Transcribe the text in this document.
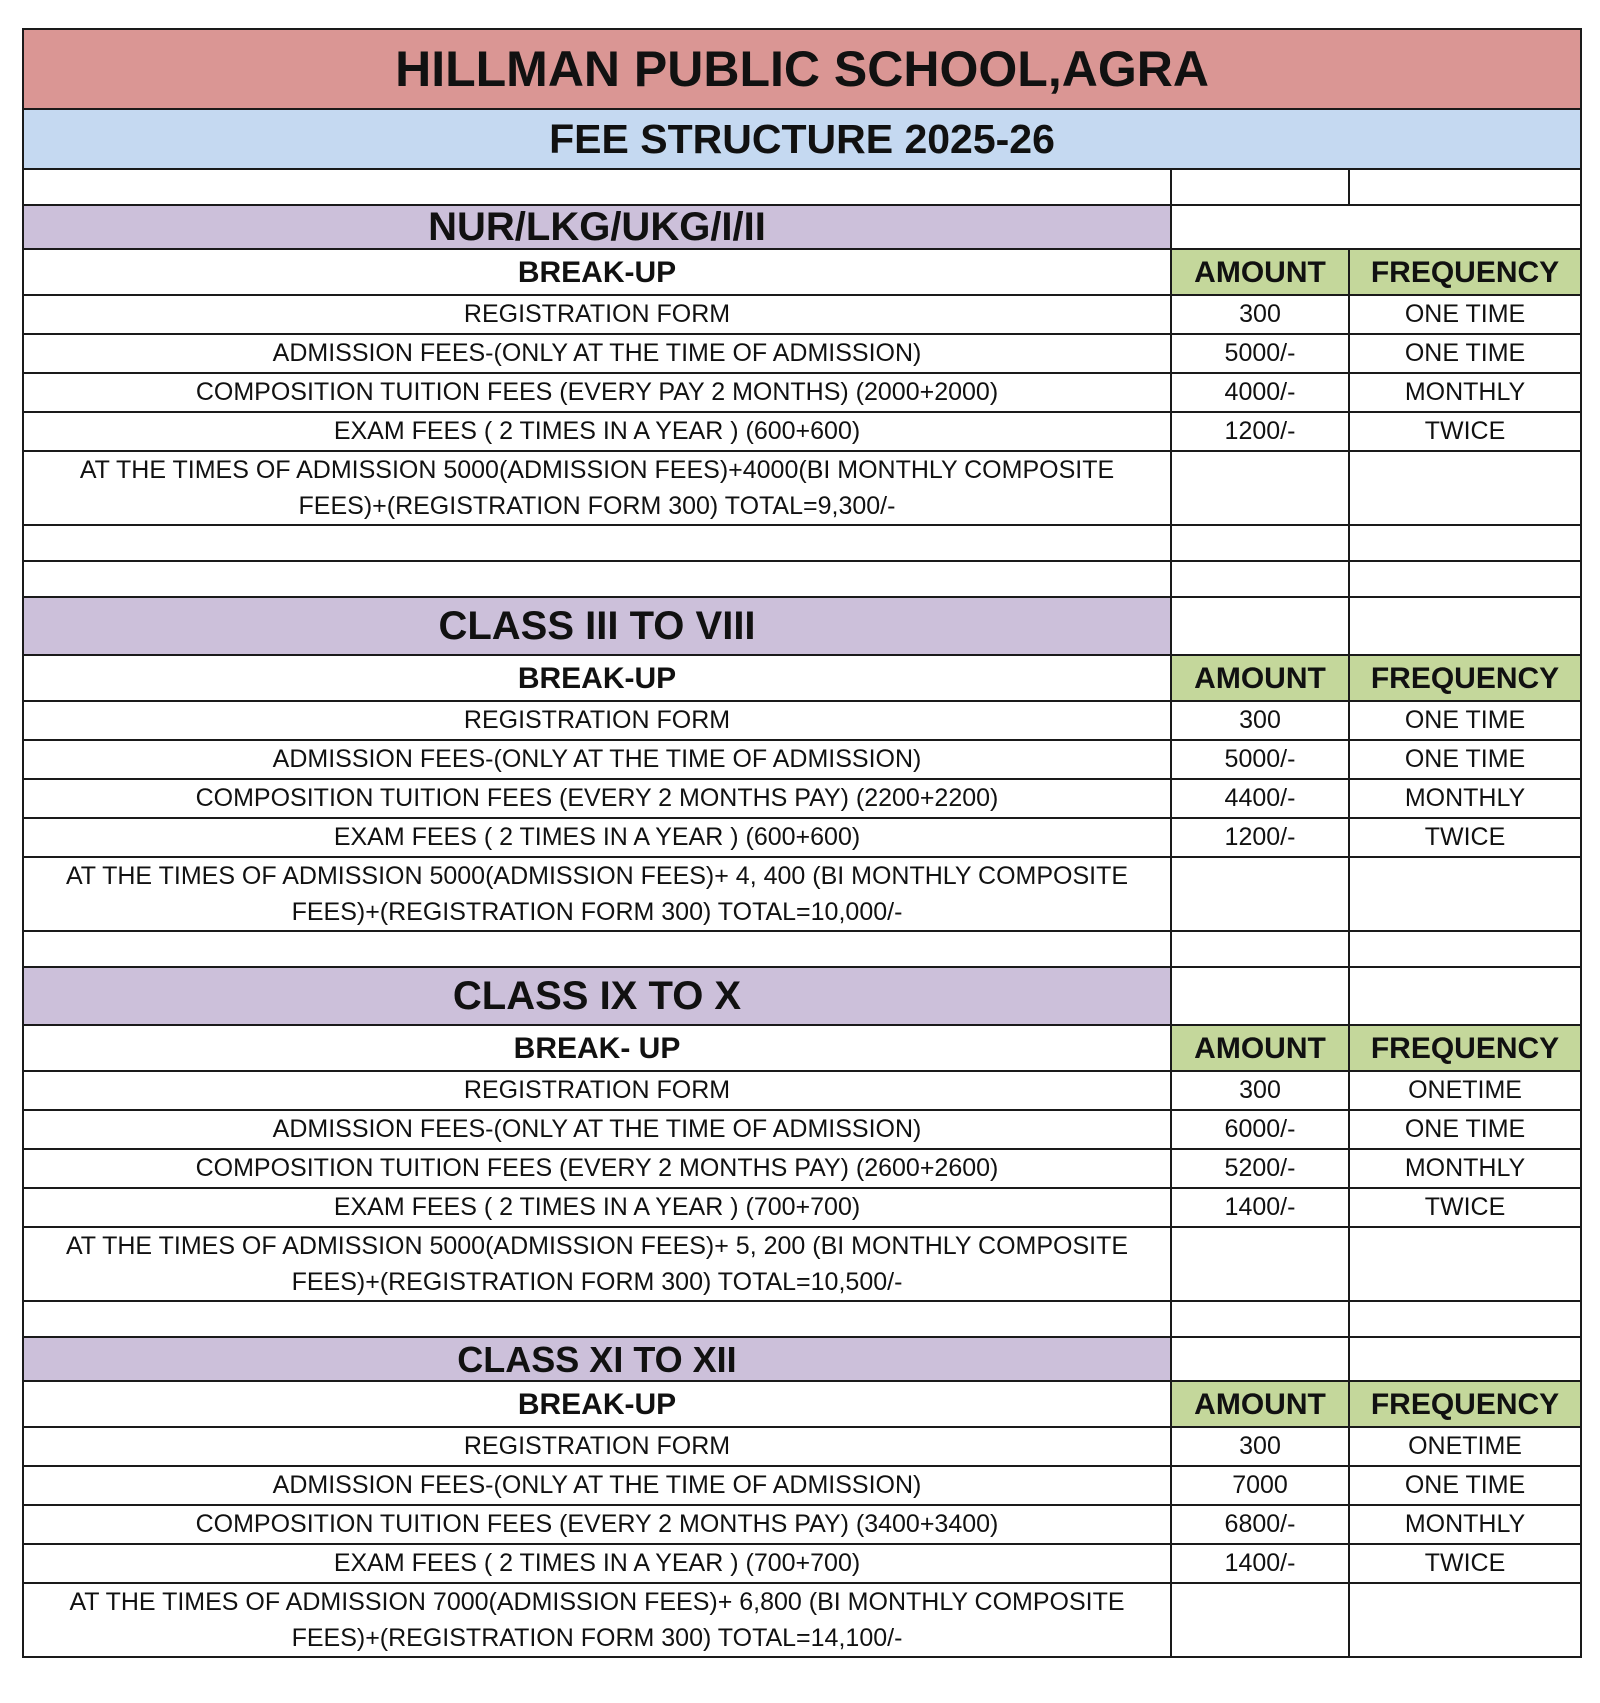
HILLMAN PUBLIC SCHOOL,AGRA		
FEE STRUCTURE 2025-26		

NUR/LKG/UKG/I/II		
BREAK-UP	AMOUNT	FREQUENCY
REGISTRATION FORM	300	ONE TIME
ADMISSION FEES-(ONLY AT THE TIME OF ADMISSION)	5000/-	ONE TIME
COMPOSITION TUITION FEES (EVERY PAY 2 MONTHS) (2000+2000)	4000/-	MONTHLY
EXAM FEES ( 2 TIMES IN A YEAR ) (600+600)	1200/-	TWICE
AT THE TIMES OF ADMISSION 5000(ADMISSION FEES)+4000(BI MONTHLY COMPOSITE FEES)+(REGISTRATION FORM 300) TOTAL=9,300/-		

CLASS III TO VIII		
BREAK-UP	AMOUNT	FREQUENCY
REGISTRATION FORM	300	ONE TIME
ADMISSION FEES-(ONLY AT THE TIME OF ADMISSION)	5000/-	ONE TIME
COMPOSITION TUITION FEES (EVERY 2 MONTHS PAY) (2200+2200)	4400/-	MONTHLY
EXAM FEES ( 2 TIMES IN A YEAR ) (600+600)	1200/-	TWICE
AT THE TIMES OF ADMISSION 5000(ADMISSION FEES)+ 4, 400 (BI MONTHLY COMPOSITE FEES)+(REGISTRATION FORM 300) TOTAL=10,000/-		

CLASS IX TO X		
BREAK- UP	AMOUNT	FREQUENCY
REGISTRATION FORM	300	ONETIME
ADMISSION FEES-(ONLY AT THE TIME OF ADMISSION)	6000/-	ONE TIME
COMPOSITION TUITION FEES (EVERY 2 MONTHS PAY) (2600+2600)	5200/-	MONTHLY
EXAM FEES ( 2 TIMES IN A YEAR ) (700+700)	1400/-	TWICE
AT THE TIMES OF ADMISSION 5000(ADMISSION FEES)+ 5, 200 (BI MONTHLY COMPOSITE FEES)+(REGISTRATION FORM 300) TOTAL=10,500/-		

CLASS XI TO XII		
BREAK-UP	AMOUNT	FREQUENCY
REGISTRATION FORM	300	ONETIME
ADMISSION FEES-(ONLY AT THE TIME OF ADMISSION)	7000	ONE TIME
COMPOSITION TUITION FEES (EVERY 2 MONTHS PAY) (3400+3400)	6800/-	MONTHLY
EXAM FEES ( 2 TIMES IN A YEAR ) (700+700)	1400/-	TWICE
AT THE TIMES OF ADMISSION 7000(ADMISSION FEES)+ 6,800 (BI MONTHLY COMPOSITE FEES)+(REGISTRATION FORM 300) TOTAL=14,100/-		
